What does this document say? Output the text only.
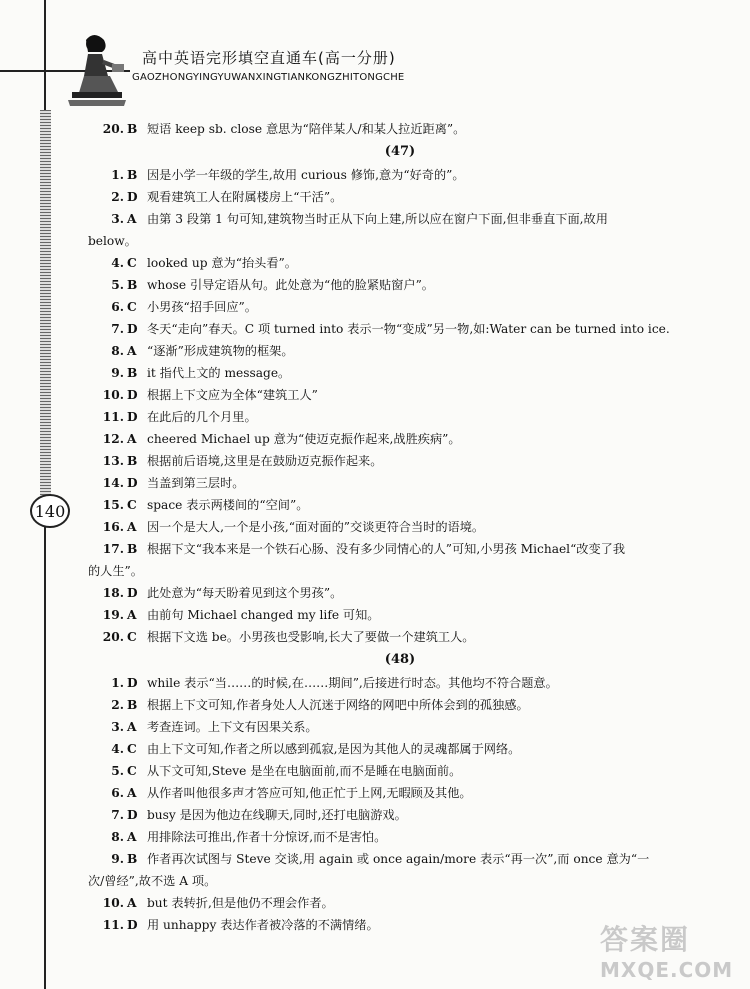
高中英语完形填空直通车(高一分册)
GAOZHONGYINGYUWANXINGTIANKONGZHITONGCHE
140
20. B 短语 keep sb. close 意思为“陪伴某人/和某人拉近距离”。
(47)
1. B 因是小学一年级的学生,故用 curious 修饰,意为“好奇的”。
2. D 观看建筑工人在附属楼房上“干活”。
3. A 由第 3 段第 1 句可知,建筑物当时正从下向上建,所以应在窗户下面,但非垂直下面,故用
below。
4. C looked up 意为“抬头看”。
5. B whose 引导定语从句。此处意为“他的脸紧贴窗户”。
6. C 小男孩“招手回应”。
7. D 冬天“走向”春天。C 项 turned into 表示一物“变成”另一物,如:Water can be turned into ice.
8. A “逐渐”形成建筑物的框架。
9. B it 指代上文的 message。
10. D 根据上下文应为全体“建筑工人”
11. D 在此后的几个月里。
12. A cheered Michael up 意为“使迈克振作起来,战胜疾病”。
13. B 根据前后语境,这里是在鼓励迈克振作起来。
14. D 当盖到第三层时。
15. C space 表示两楼间的“空间”。
16. A 因一个是大人,一个是小孩,“面对面的”交谈更符合当时的语境。
17. B 根据下文“我本来是一个铁石心肠、没有多少同情心的人”可知,小男孩 Michael“改变了我
的人生”。
18. D 此处意为“每天盼着见到这个男孩”。
19. A 由前句 Michael changed my life 可知。
20. C 根据下文选 be。小男孩也受影响,长大了要做一个建筑工人。
(48)
1. D while 表示“当……的时候,在……期间”,后接进行时态。其他均不符合题意。
2. B 根据上下文可知,作者身处人人沉迷于网络的网吧中所体会到的孤独感。
3. A 考查连词。上下文有因果关系。
4. C 由上下文可知,作者之所以感到孤寂,是因为其他人的灵魂都属于网络。
5. C 从下文可知,Steve 是坐在电脑面前,而不是睡在电脑面前。
6. A 从作者叫他很多声才答应可知,他正忙于上网,无暇顾及其他。
7. D busy 是因为他边在线聊天,同时,还打电脑游戏。
8. A 用排除法可推出,作者十分惊讶,而不是害怕。
9. B 作者再次试图与 Steve 交谈,用 again 或 once again/more 表示“再一次”,而 once 意为“一
次/曾经”,故不选 A 项。
10. A but 表转折,但是他仍不理会作者。
11. D 用 unhappy 表达作者被冷落的不满情绪。	答案圈
MXQE.COM
